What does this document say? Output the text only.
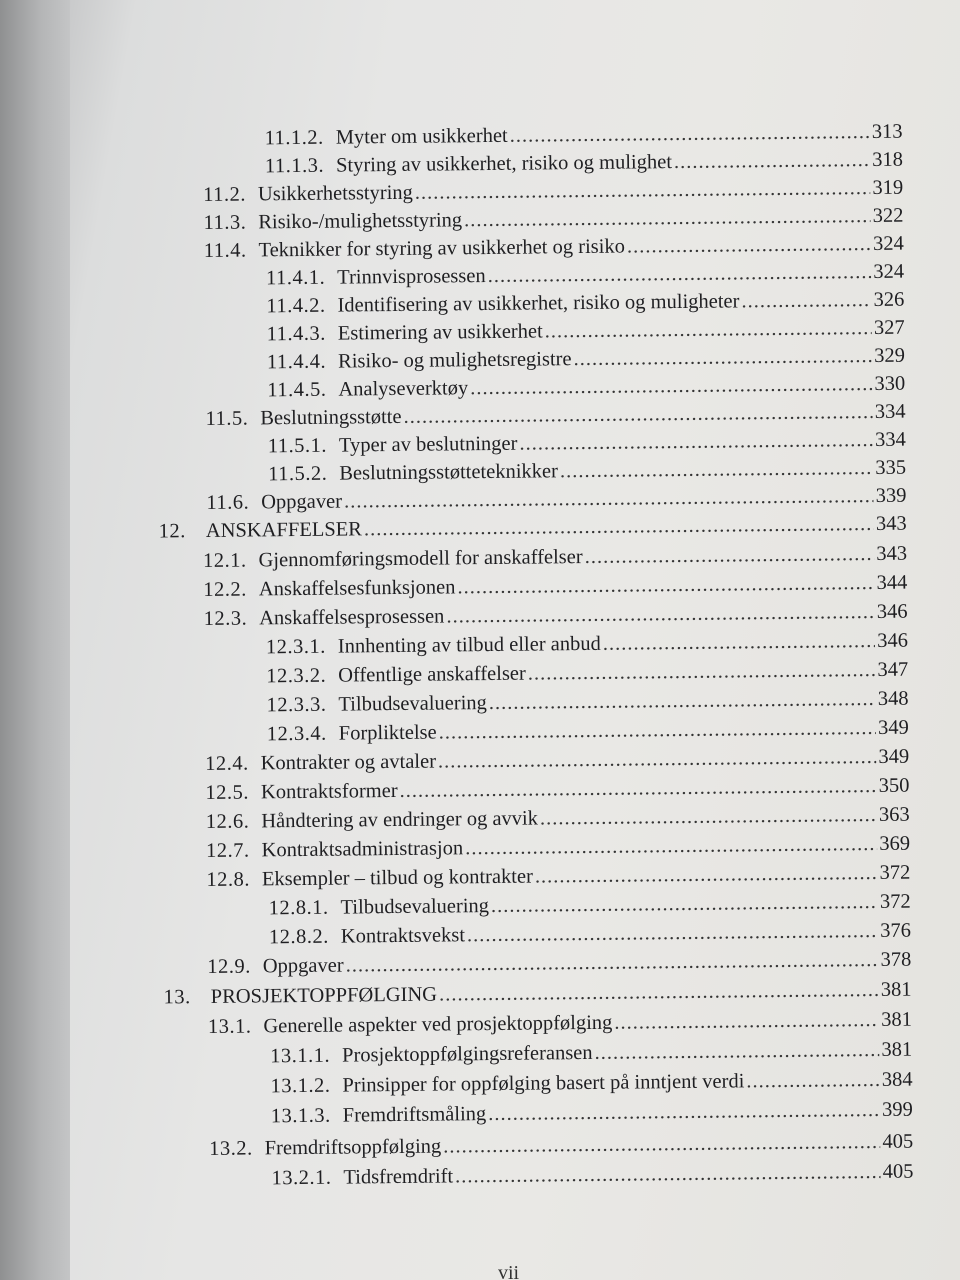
11.1.2. Myter om usikkerhet .....	313
11.1.3. Styring av usikkerhet, risiko og mulighet .....	318
11.2. Usikkerhetsstyring .....	319
11.3. Risiko-/mulighetsstyring .....	322
11.4. Teknikker for styring av usikkerhet og risiko .....	324
11.4.1. Trinnvisprosessen .....	324
11.4.2. Identifisering av usikkerhet, risiko og muligheter .....	326
11.4.3. Estimering av usikkerhet .....	327
11.4.4. Risiko- og mulighetsregistre .....	329
11.4.5. Analyseverktøy .....	330
11.5. Beslutningsstøtte .....	334
11.5.1. Typer av beslutninger .....	334
11.5.2. Beslutningsstøtteteknikker .....	335
11.6. Oppgaver .....	339
12. ANSKAFFELSER .....	343
12.1. Gjennomføringsmodell for anskaffelser .....	343
12.2. Anskaffelsesfunksjonen .....	344
12.3. Anskaffelsesprosessen .....	346
12.3.1. Innhenting av tilbud eller anbud .....	346
12.3.2. Offentlige anskaffelser .....	347
12.3.3. Tilbudsevaluering .....	348
12.3.4. Forpliktelse .....	349
12.4. Kontrakter og avtaler .....	349
12.5. Kontraktsformer .....	350
12.6. Håndtering av endringer og avvik .....	363
12.7. Kontraktsadministrasjon .....	369
12.8. Eksempler – tilbud og kontrakter .....	372
12.8.1. Tilbudsevaluering .....	372
12.8.2. Kontraktsvekst .....	376
12.9. Oppgaver .....	378
13. PROSJEKTOPPFØLGING .....	381
13.1. Generelle aspekter ved prosjektoppfølging .....	381
13.1.1. Prosjektoppfølgingsreferansen .....	381
13.1.2. Prinsipper for oppfølging basert på inntjent verdi .....	384
13.1.3. Fremdriftsmåling .....	399
13.2. Fremdriftsoppfølging .....	405
13.2.1. Tidsfremdrift .....	405
vii
